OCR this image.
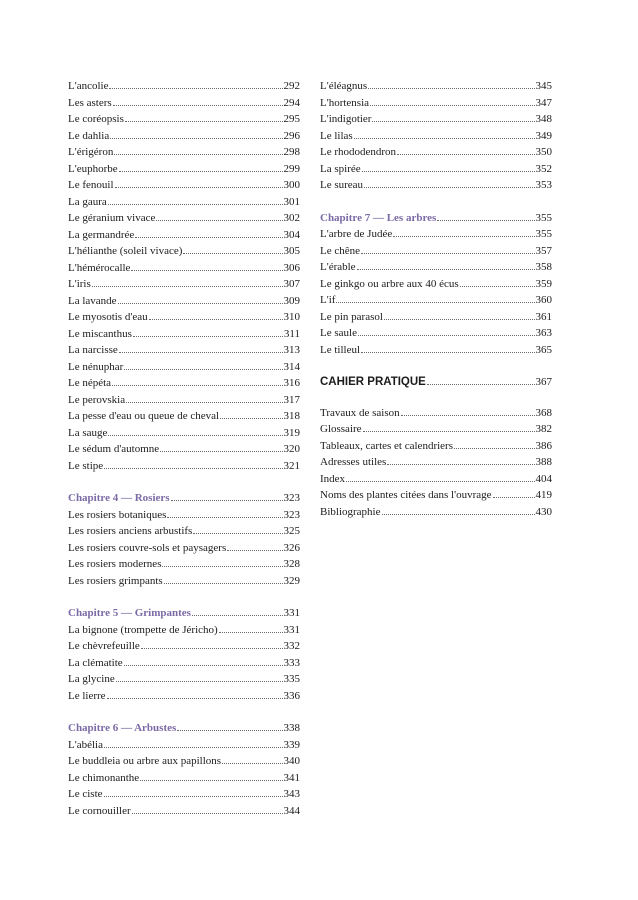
L'ancolie	292
Les asters	294
Le coréopsis	295
Le dahlia	296
L'érigéron	298
L'euphorbe	299
Le fenouil	300
La gaura	301
Le géranium vivace	302
La germandrée	304
L'hélianthe (soleil vivace)	305
L'hémérocalle	306
L'iris	307
La lavande	309
Le myosotis d'eau	310
Le miscanthus	311
La narcisse	313
Le nénuphar	314
Le népéta	316
Le perovskia	317
La pesse d'eau ou queue de cheval	318
La sauge	319
Le sédum d'automne	320
Le stipe	321
Chapitre 4 — Rosiers	323
Les rosiers botaniques	323
Les rosiers anciens arbustifs	325
Les rosiers couvre-sols et paysagers	326
Les rosiers modernes	328
Les rosiers grimpants	329
Chapitre 5 — Grimpantes	331
La bignone (trompette de Jéricho)	331
Le chèvrefeuille	332
La clématite	333
La glycine	335
Le lierre	336
Chapitre 6 — Arbustes	338
L'abélia	339
Le buddleia ou arbre aux papillons	340
Le chimonanthe	341
Le ciste	343
Le cornouiller	344
L'éléagnus	345
L'hortensia	347
L'indigotier	348
Le lilas	349
Le rhododendron	350
La spirée	352
Le sureau	353
Chapitre 7 — Les arbres	355
L'arbre de Judée	355
Le chêne	357
L'érable	358
Le ginkgo ou arbre aux 40 écus	359
L'if	360
Le pin parasol	361
Le saule	363
Le tilleul	365
CAHIER PRATIQUE	367
Travaux de saison	368
Glossaire	382
Tableaux, cartes et calendriers	386
Adresses utiles	388
Index	404
Noms des plantes citées dans l'ouvrage	419
Bibliographie	430
